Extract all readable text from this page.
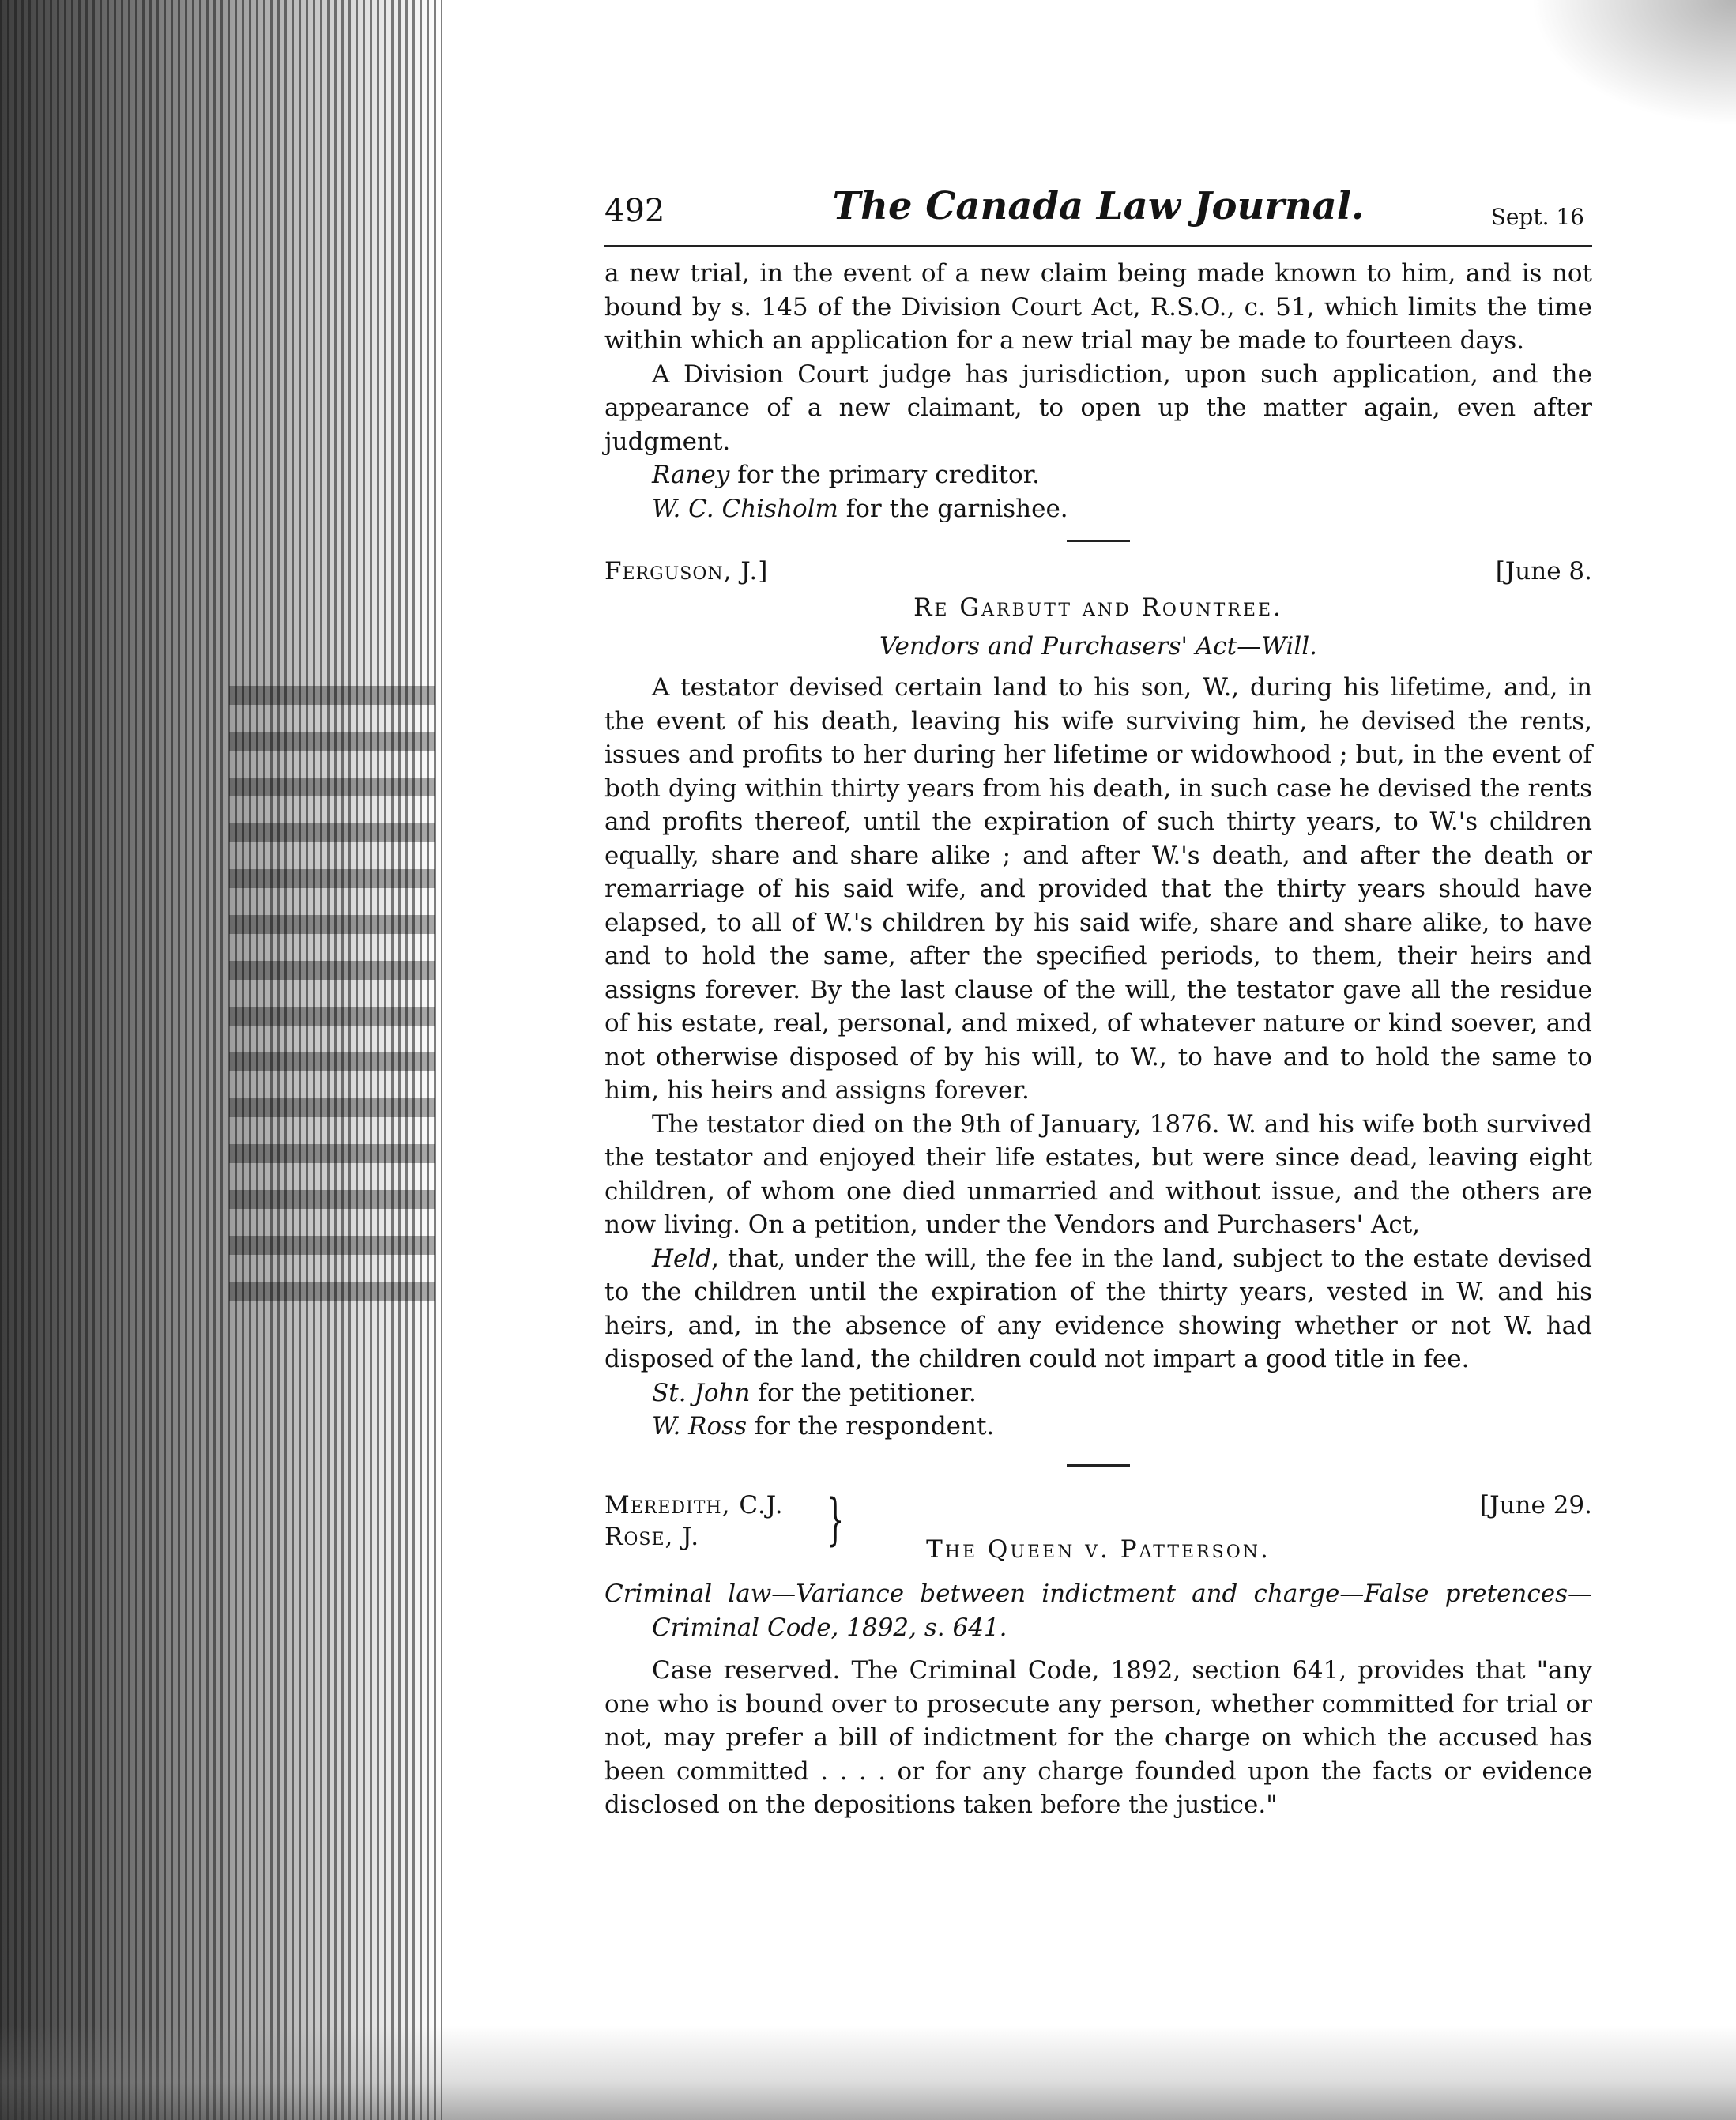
492	The Canada Law Journal.	Sept. 16

a new trial, in the event of a new claim being made known to him, and is not bound by s. 145 of the Division Court Act, R.S.O., c. 51, which limits the time within which an application for a new trial may be made to fourteen days.

A Division Court judge has jurisdiction, upon such application, and the appearance of a new claimant, to open up the matter again, even after judgment.

Raney for the primary creditor.

W. C. Chisholm for the garnishee.

Ferguson, J.]	[June 8.
Re Garbutt and Rountree.
Vendors and Purchasers' Act—Will.

A testator devised certain land to his son, W., during his lifetime, and, in the event of his death, leaving his wife surviving him, he devised the rents, issues and profits to her during her lifetime or widowhood ; but, in the event of both dying within thirty years from his death, in such case he devised the rents and profits thereof, until the expiration of such thirty years, to W.'s children equally, share and share alike ; and after W.'s death, and after the death or remarriage of his said wife, and provided that the thirty years should have elapsed, to all of W.'s children by his said wife, share and share alike, to have and to hold the same, after the specified periods, to them, their heirs and assigns forever. By the last clause of the will, the testator gave all the residue of his estate, real, personal, and mixed, of whatever nature or kind soever, and not otherwise disposed of by his will, to W., to have and to hold the same to him, his heirs and assigns forever.

The testator died on the 9th of January, 1876. W. and his wife both survived the testator and enjoyed their life estates, but were since dead, leaving eight children, of whom one died unmarried and without issue, and the others are now living. On a petition, under the Vendors and Purchasers' Act,

Held, that, under the will, the fee in the land, subject to the estate devised to the children until the expiration of the thirty years, vested in W. and his heirs, and, in the absence of any evidence showing whether or not W. had disposed of the land, the children could not impart a good title in fee.

St. John for the petitioner.

W. Ross for the respondent.

Meredith, C.J.
Rose, J. }	[June 29.
The Queen v. Patterson.

Criminal law—Variance between indictment and charge—False pretences—Criminal Code, 1892, s. 641.

Case reserved. The Criminal Code, 1892, section 641, provides that "any one who is bound over to prosecute any person, whether committed for trial or not, may prefer a bill of indictment for the charge on which the accused has been committed . . . . or for any charge founded upon the facts or evidence disclosed on the depositions taken before the justice."
